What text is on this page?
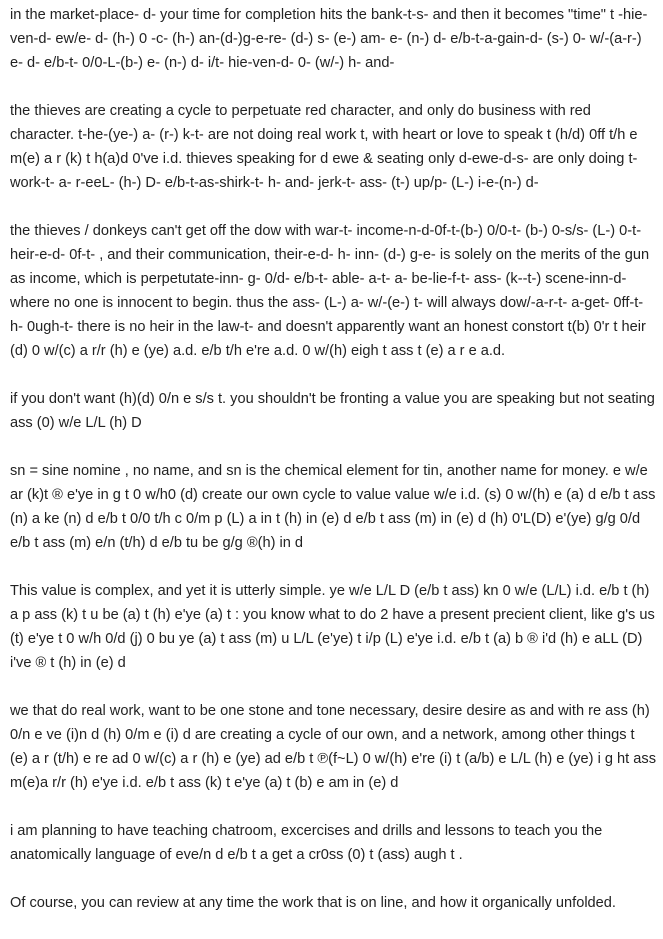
in the market-place- d- your time for completion hits the bank-t-s- and then it becomes "time" t -hie-ven-d- ew/e- d- (h-) 0 -c- (h-) an-(d-)g-e-re- (d-) s- (e-) am- e- (n-) d- e/b-t-a-gain-d- (s-) 0- w/-(a-r-) e- d- e/b-t- 0/0-L-(b-) e- (n-) d- i/t- hie-ven-d- 0- (w/-) h- and-

the thieves are creating a cycle to perpetuate red character, and only do business with red character. t-he-(ye-) a- (r-) k-t- are not doing real work t, with heart or love to speak t (h/d) 0ff t/h e m(e) a r (k) t h(a)d 0've i.d. thieves speaking for d ewe & seating only d-ewe-d-s- are only doing t-work-t- a- r-eeL- (h-) D- e/b-t-as-shirk-t- h- and- jerk-t- ass- (t-) up/p- (L-) i-e-(n-) d-

the thieves / donkeys can't get off the dow with war-t- income-n-d-0f-t-(b-) 0/0-t- (b-) 0-s/s- (L-) 0-t- heir-e-d- 0f-t- , and their communication, their-e-d- h- inn- (d-) g-e- is solely on the merits of the gun as income, which is perpetutate-inn- g- 0/d- e/b-t- able- a-t- a- be-lie-f-t- ass- (k--t-) scene-inn-d- where no one is innocent to begin. thus the ass- (L-) a- w/-(e-) t- will always dow/-a-r-t- a-get- 0ff-t- h- 0ugh-t- there is no heir in the law-t- and doesn't apparently want an honest constort t(b) 0'r t heir (d) 0 w/(c) a r/r (h) e (ye) a.d. e/b t/h e're a.d. 0 w/(h) eigh t ass t (e) a r e a.d.

if you don't want (h)(d) 0/n e s/s t. you shouldn't be fronting a value you are speaking but not seating ass (0) w/e L/L (h) D

sn = sine nomine , no name, and sn is the chemical element for tin, another name for money. e w/e ar (k)t ® e'ye in g t 0 w/h0 (d) create our own cycle to value value w/e i.d. (s) 0 w/(h) e (a) d e/b t ass (n) a ke (n) d e/b t 0/0 t/h c 0/m p (L) a in t (h) in (e) d e/b t ass (m) in (e) d (h) 0'L(D) e'(ye) g/g 0/d e/b t ass (m) e/n (t/h) d e/b tu be g/g ®(h) in d

This value is complex, and yet it is utterly simple. ye w/e L/L D (e/b t ass) kn 0 w/e (L/L) i.d. e/b t (h) a p ass (k) t u be (a) t (h) e'ye (a) t : you know what to do 2 have a present precient client, like g's us (t) e'ye t 0 w/h 0/d (j) 0 bu ye (a) t ass (m) u L/L (e'ye) t i/p (L) e'ye i.d. e/b t (a) b ® i'd (h) e aLL (D) i've ® t (h) in (e) d

we that do real work, want to be one stone and tone necessary, desire desire as and with re ass (h) 0/n e ve (i)n d (h) 0/m e (i) d are creating a cycle of our own, and a network, among other things t (e) a r (t/h) e re ad 0 w/(c) a r (h) e (ye) ad e/b t ℗(f~L) 0 w/(h) e're (i) t (a/b) e L/L (h) e (ye) i g ht ass m(e)a r/r (h) e'ye i.d. e/b t ass (k) t e'ye (a) t (b) e am in (e) d

i am planning to have teaching chatroom, excercises and drills and lessons to teach you the anatomically language of eve/n d e/b t a get a cr0ss (0) t (ass) augh t .

Of course, you can review at any time the work that is on line, and how it organically unfolded.
